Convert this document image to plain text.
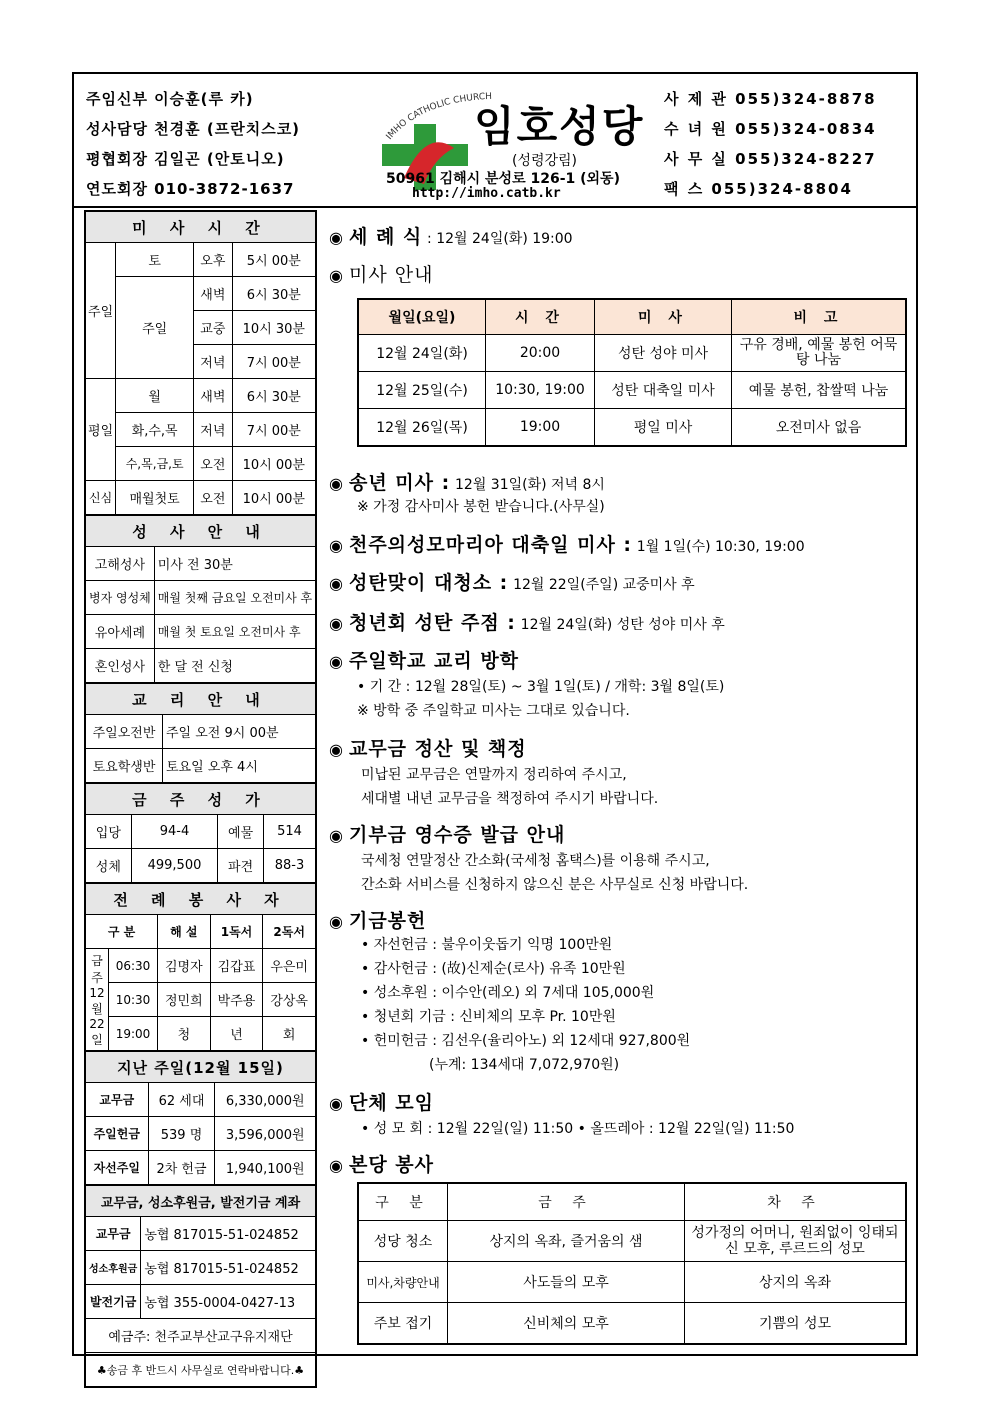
주임신부 이승훈(루 카)
성사담당 천경훈 (프란치스코)
평협회장 김일곤 (안토니오)
연도회장 010-3872-1637
IMHO CATHOLIC CHURCH
임호성당
(성령강림)
50961 김해시 분성로 126-1 (외동)
http://imho.catb.kr
사 제 관 055)324-8878
수 녀 원 055)324-0834
사 무 실 055)324-8227
팩 스 055)324-8804
미 사 시 간			
주일	토	오후	5시 00분
	주일	새벽	6시 30분
		교중	10시 30분
		저녁	7시 00분
평일	월	새벽	6시 30분
	화,수,목	저녁	7시 00분
	수,목,금,토	오전	10시 00분
신심	매월첫토	오전	10시 00분
성 사 안 내	
고해성사	미사 전 30분
병자 영성체	매월 첫째 금요일 오전미사 후
유아세례	매월 첫 토요일 오전미사 후
혼인성사	한 달 전 신청
교 리 안 내	
주일오전반	주일 오전 9시 00분
토요학생반	토요일 오후 4시
금 주 성 가			
입당	94-4	예물	514
성체	499,500	파견	88-3
전 례 봉 사 자				
구 분		해 설	1독서	2독서
금주 12월 22일	06:30	김명자	김갑표	우은미
	10:30	정민희	박주용	강상옥
	19:00	청	년	회
지난 주일(12월 15일)		
교무금	62 세대	6,330,000원
주일헌금	539 명	3,596,000원
자선주일	2차 헌금	1,940,100원
교무금, 성소후원금, 발전기금 계좌	
교무금	농협 817015-51-024852
성소후원금	농협 817015-51-024852
발전기금	농협 355-0004-0427-13
예금주: 천주교부산교구유지재단	
♣송금 후 반드시 사무실로 연락바랍니다.♣	
◉ 세 례 식 : 12월 24일(화) 19:00
◉ 미사 안내
월일(요일)	시 간	미 사	비 고
12월 24일(화)	20:00	성탄 성야 미사	구유 경배, 예물 봉헌 어묵탕 나눔
12월 25일(수)	10:30, 19:00	성탄 대축일 미사	예물 봉헌, 찹쌀떡 나눔
12월 26일(목)	19:00	평일 미사	오전미사 없음
◉ 송년 미사 : 12월 31일(화) 저녁 8시
※ 가정 감사미사 봉헌 받습니다.(사무실)
◉ 천주의성모마리아 대축일 미사 : 1월 1일(수) 10:30, 19:00
◉ 성탄맞이 대청소 : 12월 22일(주일) 교중미사 후
◉ 청년회 성탄 주점 : 12월 24일(화) 성탄 성야 미사 후
◉ 주일학교 교리 방학
• 기 간 : 12월 28일(토) ~ 3월 1일(토) / 개학: 3월 8일(토)
※ 방학 중 주일학교 미사는 그대로 있습니다.
◉ 교무금 정산 및 책정
미납된 교무금은 연말까지 정리하여 주시고,
세대별 내년 교무금을 책정하여 주시기 바랍니다.
◉ 기부금 영수증 발급 안내
국세청 연말정산 간소화(국세청 홈택스)를 이용해 주시고,
간소화 서비스를 신청하지 않으신 분은 사무실로 신청 바랍니다.
◉ 기금봉헌
• 자선헌금 : 불우이웃돕기 익명 100만원
• 감사헌금 : (故)신제순(로사) 유족 10만원
• 성소후원 : 이수안(레오) 외 7세대 105,000원
• 청년회 기금 : 신비체의 모후 Pr. 10만원
• 헌미헌금 : 김선우(율리아노) 외 12세대 927,800원
(누계: 134세대 7,072,970원)
◉ 단체 모임
• 성 모 회 : 12월 22일(일) 11:50 • 올뜨레아 : 12월 22일(일) 11:50
◉ 본당 봉사
구 분	금 주	차 주
성당 청소	상지의 옥좌, 즐거움의 샘	성가정의 어머니, 원죄없이 잉태되신 모후, 루르드의 성모
미사,차량안내	사도들의 모후	상지의 옥좌
주보 접기	신비체의 모후	기쁨의 성모
